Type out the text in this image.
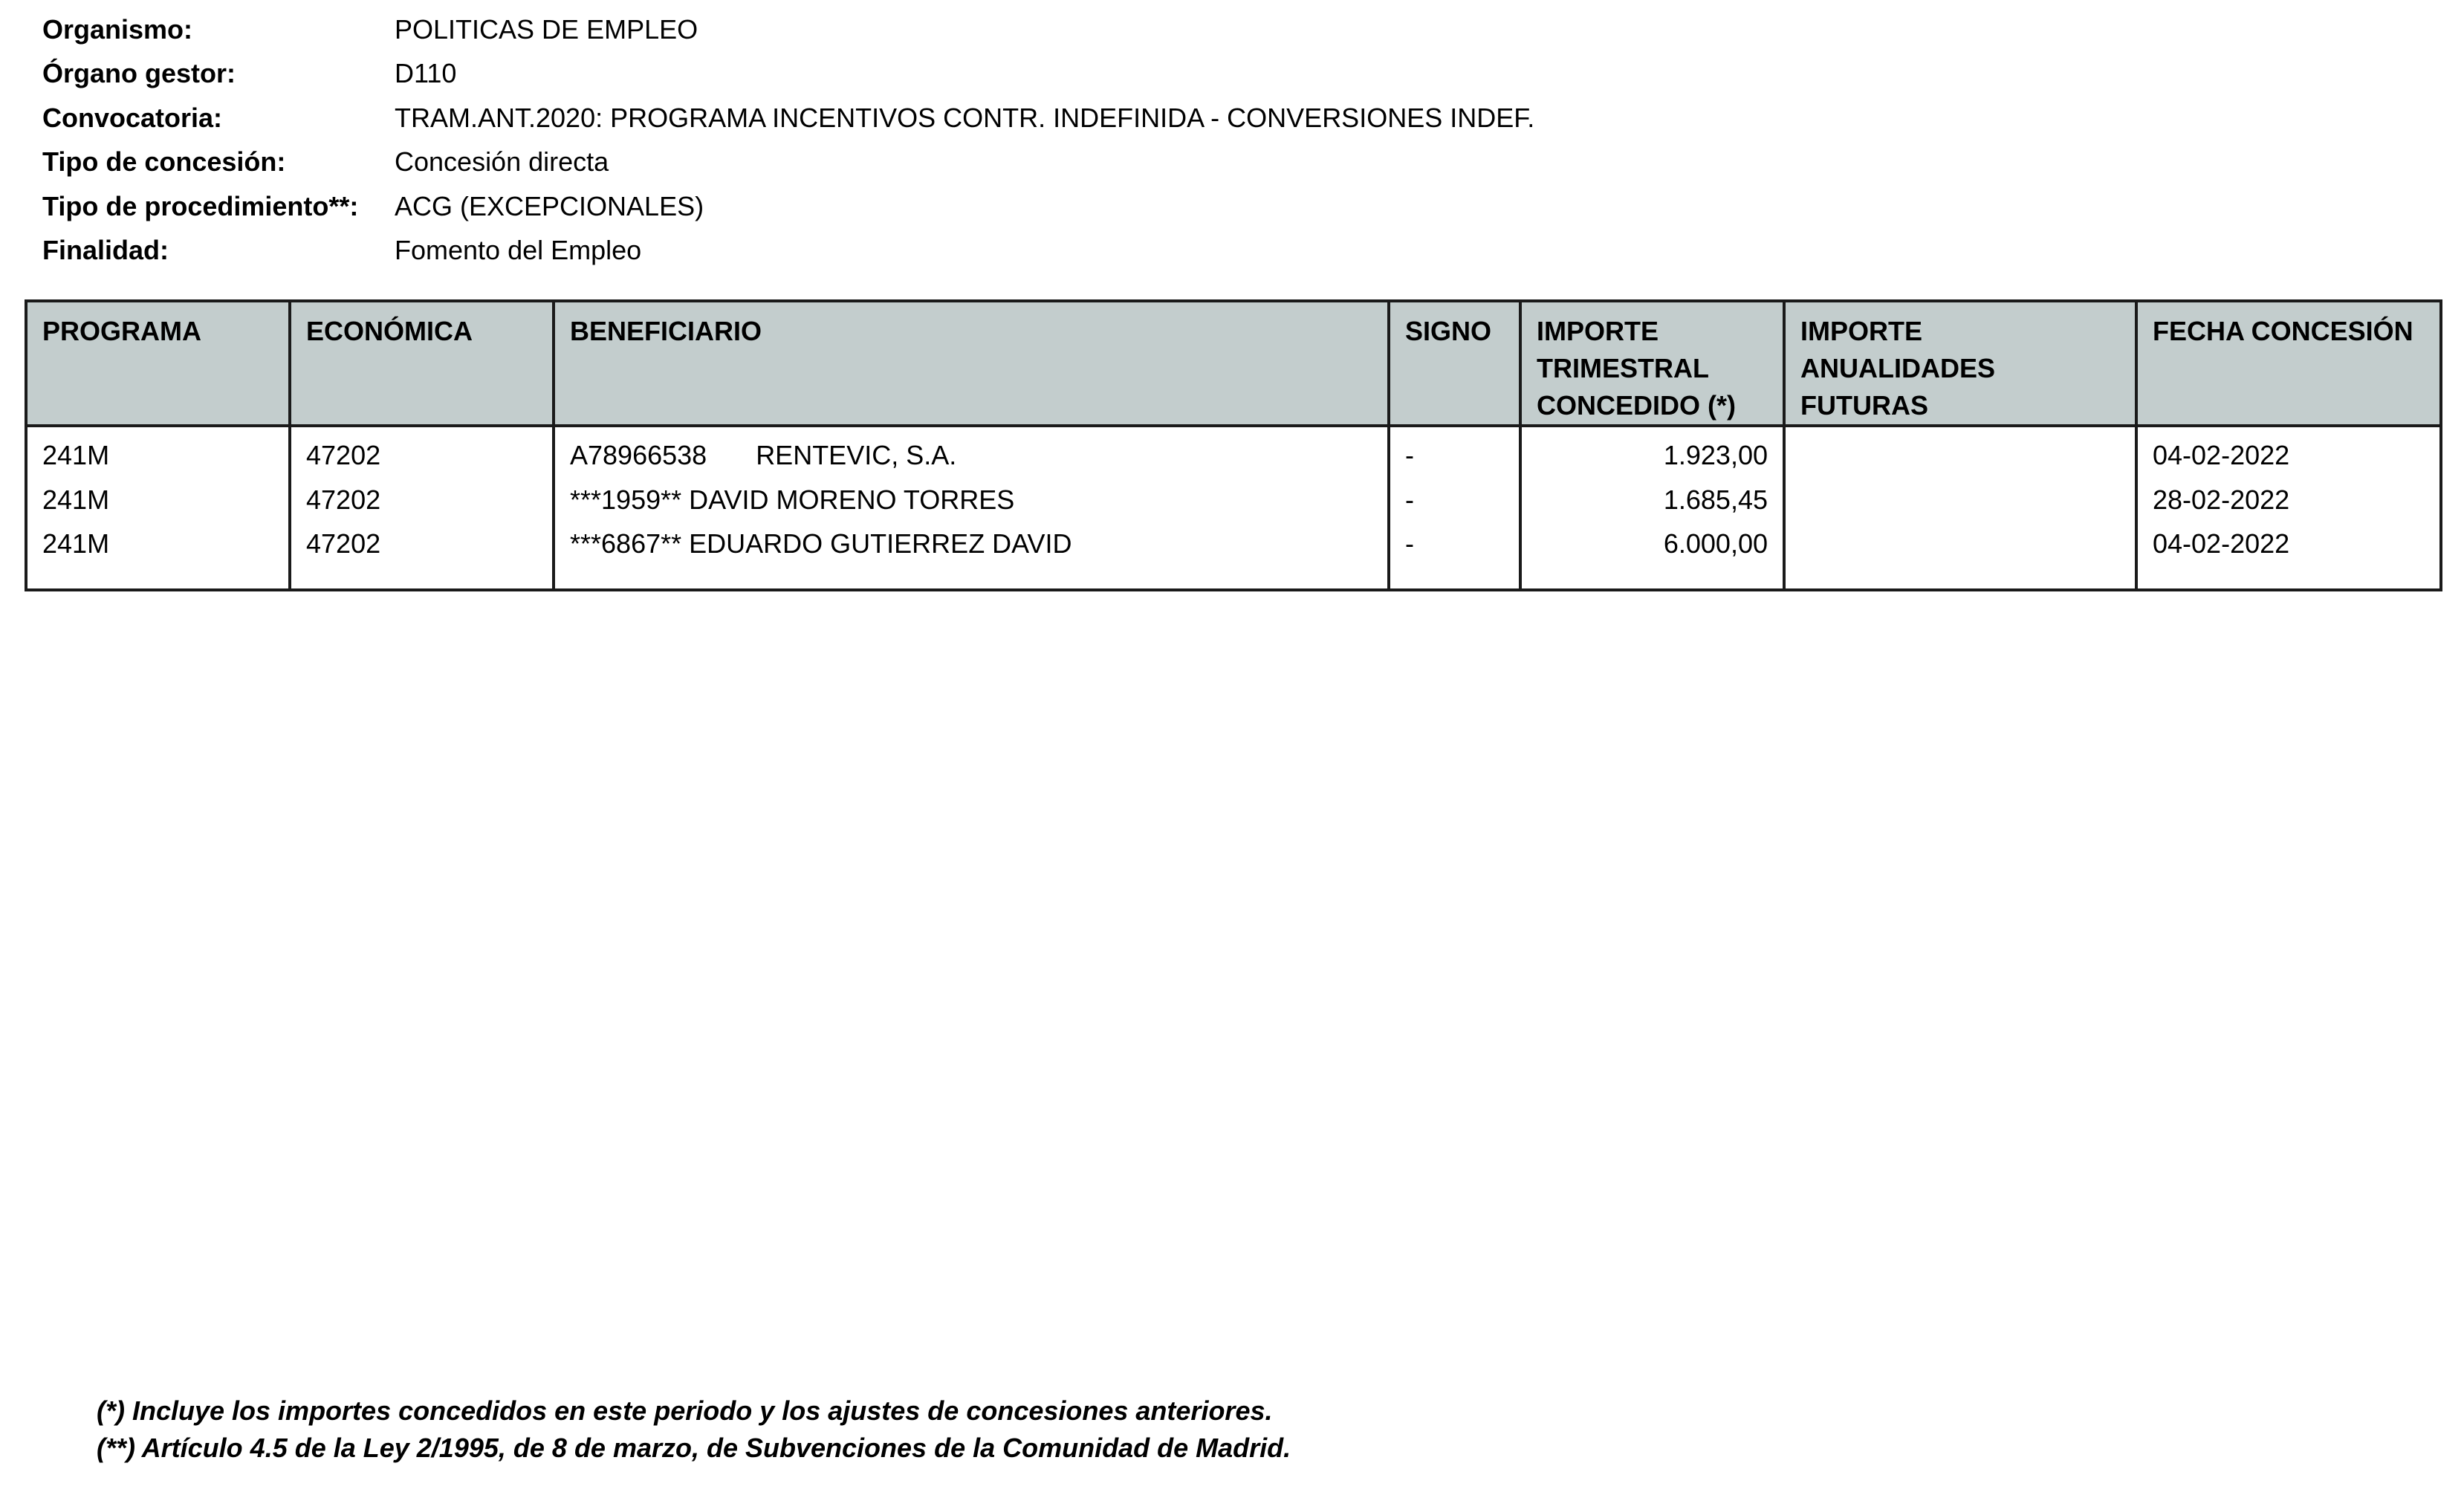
Organismo:	POLITICAS DE EMPLEO
Órgano gestor:	D110
Convocatoria:	TRAM.ANT.2020: PROGRAMA INCENTIVOS CONTR. INDEFINIDA - CONVERSIONES INDEF.
Tipo de concesión:	Concesión directa
Tipo de procedimiento**:	ACG (EXCEPCIONALES)
Finalidad:	Fomento del Empleo
PROGRAMA	ECONÓMICA	BENEFICIARIO	SIGNO	IMPORTE TRIMESTRAL CONCEDIDO (*)	IMPORTE ANUALIDADES FUTURAS	FECHA CONCESIÓN
241M	47202	A78966538 RENTEVIC, S.A.	-	1.923,00		04-02-2022
241M	47202	***1959** DAVID MORENO TORRES	-	1.685,45		28-02-2022
241M	47202	***6867** EDUARDO GUTIERREZ DAVID	-	6.000,00		04-02-2022

(*) Incluye los importes concedidos en este periodo y los ajustes de concesiones anteriores.
(**) Artículo 4.5 de la Ley 2/1995, de 8 de marzo, de Subvenciones de la Comunidad de Madrid.
